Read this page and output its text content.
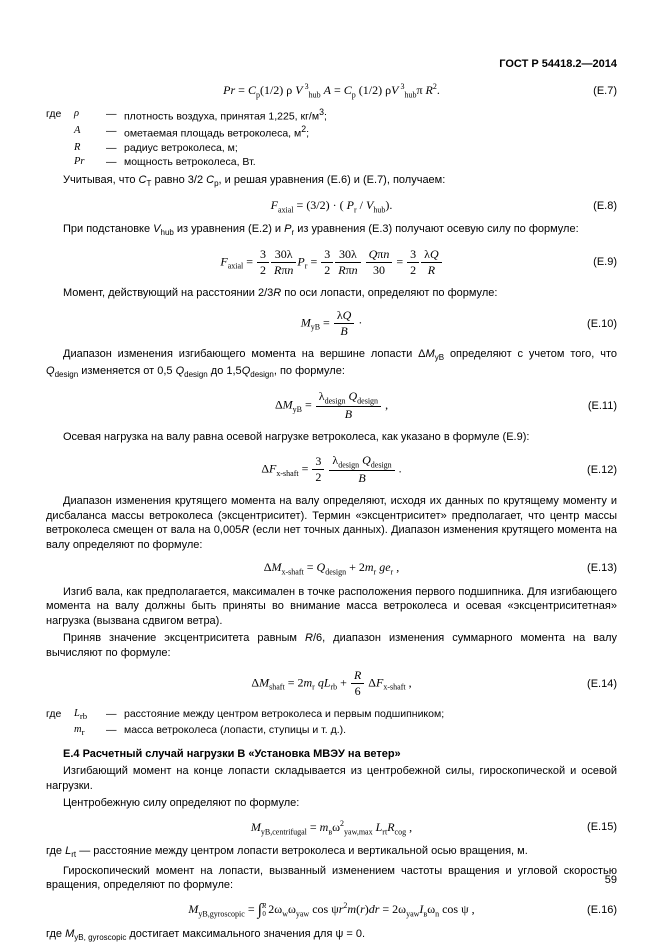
ГОСТ Р 54418.2—2014
$Pr = C_p(1/2)$ ρ V $^3_{hub}$ $A = C_p$ (1/2) ρV $^3_{hub}$π $R^2$.	(Е.7)
где	ρ	— плотность воздуха, принятая 1,225, $кг/м^3$;
А	— ометаемая площадь ветроколеса, $м^2$;
R	— радиус ветроколеса, м;
Pr	— мощность ветроколеса, Вт.
Учитывая, что $С_Т$ равно 3/2 $С_р$, и решая уравнения (Е.6) и (Е.7), получаем:
$F_{axial} = (3/2)$ · ( $P_r / V_{hub}$).	(Е.8)
При подстановке $V_{hub}$ из уравнения (Е.2) и $P_r$ из уравнения (Е.3) получают осевую силу по формуле:
$F_{axial} = \frac{3}{2} 30\lambda$
Rπn
$P_r = \frac{3}{2} 30\lambda$
Rπn

Qπn
30
= $\frac{3}{2} \frac{\lambda Q}{R}$	(Е.9)
Момент, действующий на расстоянии 2/3R по оси лопасти, определяют по формуле:
$M_{уВ} = \frac{\lambda Q}{B}$ ·	(Е.10)
Диапазон изменения изгибающего момента на вершине лопасти $\Delta M_{уВ}$ определяют с учетом того, что $Q_{design}$ изменяется от 0,5 $Q_{design}$ до $1,5Q_{design}$, по формуле:
$\Delta M_{уВ}$ =
$\lambda_{design}$ $Q_{design}$
B
,	(Е.11)
Осевая нагрузка на валу равна осевой нагрузке ветроколеса, как указано в формуле (Е.9):
$\Delta F_{x-shaft} = \frac{3}{2}$
$\lambda_{design}$ $Q_{design}$
B
.	(Е.12)
Диапазон изменения крутящего момента на валу определяют, исходя их данных по крутящему моменту и дисбаланса массы ветроколеса (эксцентриситет). Термин «эксцентриситет» предполагает, что центр массы ветроколеса смещен от вала на 0,005R (если нет точных данных). Диапазон изменения крутящего момента на валу определяют по формуле:
$\Delta M_{x-shaft} = Q_{design} + 2m_r$ $ge_r$ ,	(Е.13)
Изгиб вала, как предполагается, максимален в точке расположения первого подшипника. Для изгибающего момента на валу должны быть приняты во внимание масса ветроколеса и осевая «эксцентриситетная» нагрузка (вызвана сдвигом ветра).
Приняв значение эксцентриситета равным R/6, диапазон изменения суммарного момента на валу вычисляют по формуле:
$\Delta M_{shaft} = 2m_r$ $qL_{rb} + \frac{R}{6} \Delta F_{x-shaft}$ ,	(Е.14)
где	$L_{rb}$	— расстояние между центром ветроколеса и первым подшипником;
$m_r$	— масса ветроколеса (лопасти, ступицы и т. д.).
Е.4 Расчетный случай нагрузки В «Установка МВЭУ на ветер»
Изгибающий момент на конце лопасти складывается из центробежной силы, гироскопической и осевой нагрузки.
Центробежную силу определяют по формуле:
$M_{уВ,centrifugal} = m_в\omega^2_{yaw,max}$ $L_{rt}R_{cog}$ ,	(Е.15)
где $L_{rt}$ — расстояние между центром лопасти ветроколеса и вертикальной осью вращения, м.
Гироскопический момент на лопасти, вызванный изменением частоты вращения и угловой скоростью вращения, определяют по формуле:
$M_{уВ,gyroscopic}$ = ∫ R
0 $2\omega_w\omega_{yaw}$ $\cos \psi r^2m(r)dr = 2\omega_{yaw}I_в\omega_n$ cos ψ ,	(Е.16)
где $M_{уВ, gyroscopic}$ достигает максимального значения для ψ = 0.
59
